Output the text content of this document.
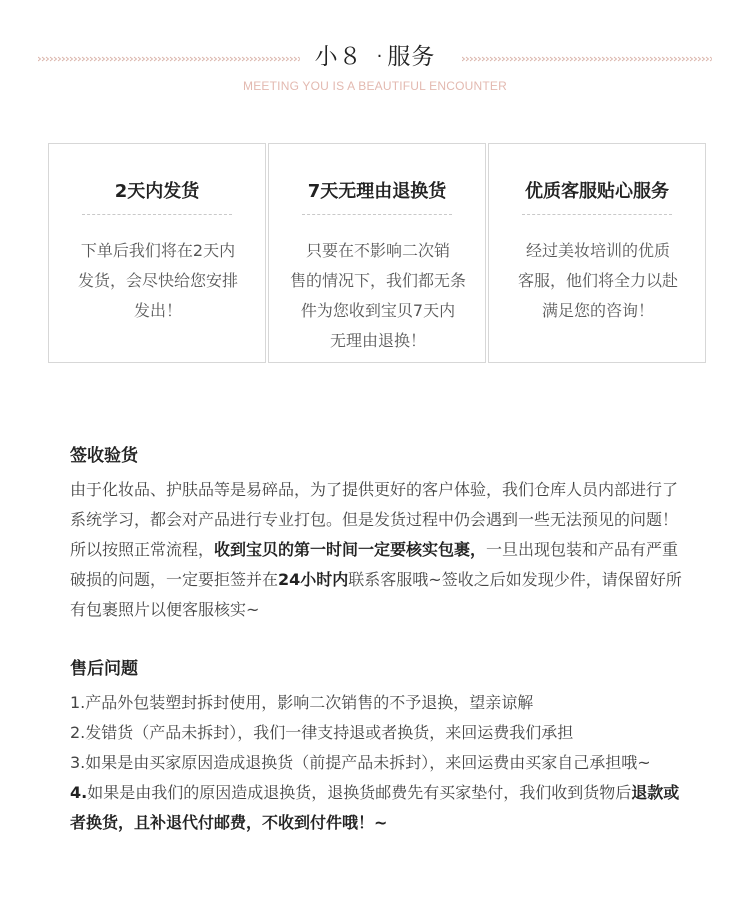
小８ · 服务
MEETING YOU IS A BEAUTIFUL ENCOUNTER
2天内发货
下单后我们将在2天内
发货，会尽快给您安排
发出！
7天无理由退换货
只要在不影响二次销
售的情况下，我们都无条
件为您收到宝贝7天内
无理由退换！
优质客服贴心服务
经过美妆培训的优质
客服，他们将全力以赴
满足您的咨询！
签收验货
由于化妆品、护肤品等是易碎品，为了提供更好的客户体验，我们仓库人员内部进行了系统学习，都会对产品进行专业打包。但是发货过程中仍会遇到一些无法预见的问题！所以按照正常流程，收到宝贝的第一时间一定要核实包裹，一旦出现包装和产品有严重破损的问题，一定要拒签并在24小时内联系客服哦~签收之后如发现少件，请保留好所有包裹照片以便客服核实~
售后问题
1.产品外包装塑封拆封使用，影响二次销售的不予退换，望亲谅解
2.发错货（产品未拆封），我们一律支持退或者换货，来回运费我们承担
3.如果是由买家原因造成退换货（前提产品未拆封），来回运费由买家自己承担哦~
4.如果是由我们的原因造成退换货，退换货邮费先有买家垫付，我们收到货物后退款或者换货，且补退代付邮费，不收到付件哦！~
